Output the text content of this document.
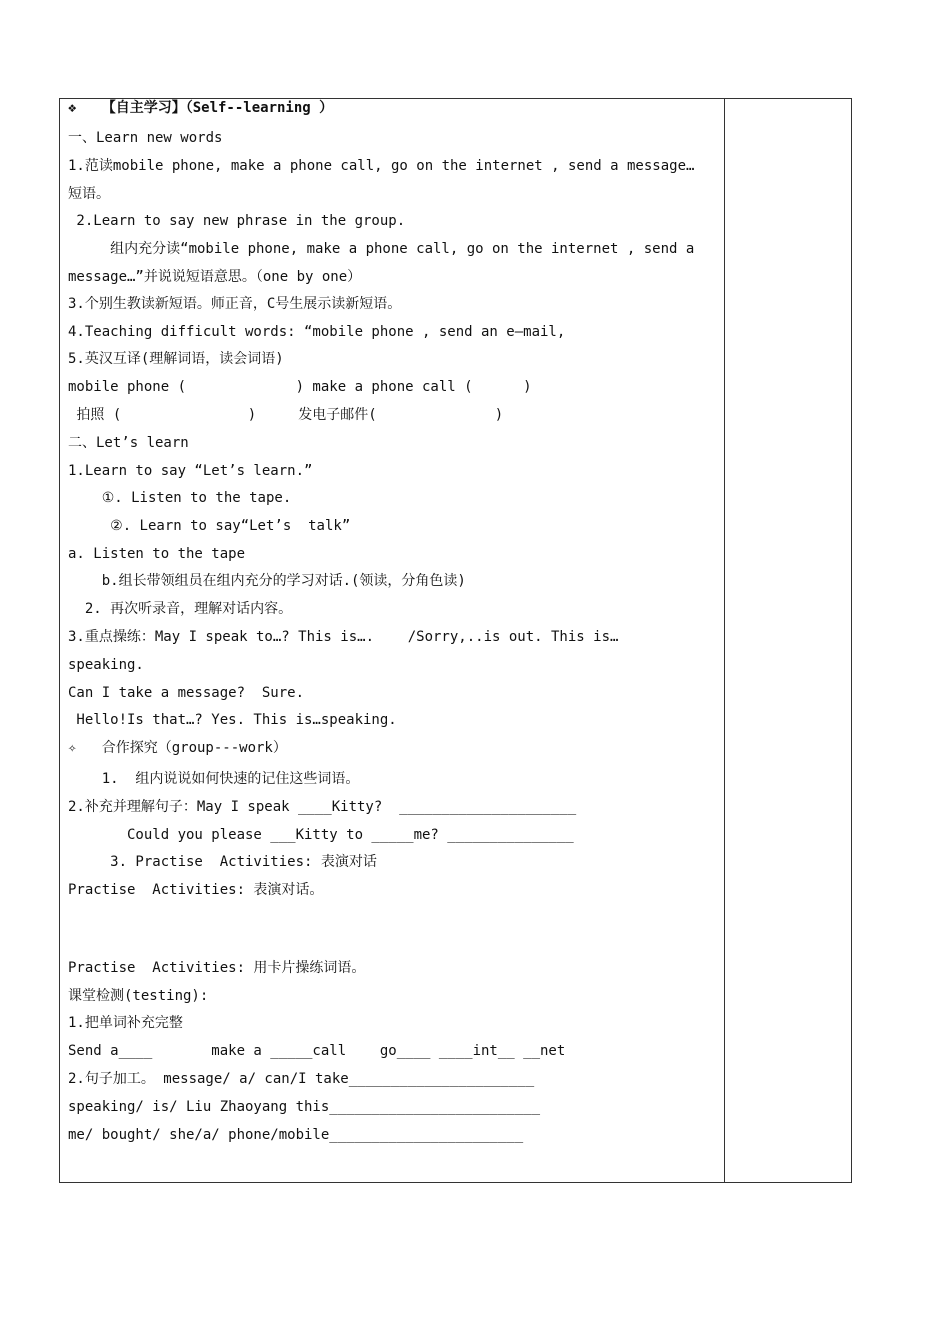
❖   【自主学习】（Self--learning ）
一、Learn new words
1.范读mobile phone, make a phone call, go on the internet , send a message…
短语。
2.Learn to say new phrase in the group.
组内充分读“mobile phone, make a phone call, go on the internet , send a
message…”并说说短语意思。（one by one）
3.个别生教读新短语。师正音，C号生展示读新短语。
4.Teaching difficult words: “mobile phone , send an e—mail,
5.英汉互译(理解词语，读会词语)
mobile phone (             ) make a phone call (      )
拍照 (               )     发电子邮件(              )
二、Let’s learn
1.Learn to say “Let’s learn.”
①. Listen to the tape.
②. Learn to say“Let’s  talk”
a. Listen to the tape
b.组长带领组员在组内充分的学习对话.(领读，分角色读)
2. 再次听录音，理解对话内容。
3.重点操练：May I speak to…? This is….    /Sorry,..is out. This is…
speaking.
Can I take a message?  Sure.
Hello!Is that…? Yes. This is…speaking.
✧   合作探究（group---work）
1.  组内说说如何快速的记住这些词语。
2.补充并理解句子：May I speak ____Kitty?  _____________________
Could you please ___Kitty to _____me? _______________
3. Practise  Activities: 表演对话
Practise  Activities: 表演对话。
Practise  Activities: 用卡片操练词语。
课堂检测(testing):
1.把单词补充完整
Send a____       make a _____call    go____ ____int__ __net
2.句子加工。 message/ a/ can/I take______________________
speaking/ is/ Liu Zhaoyang this_________________________
me/ bought/ she/a/ phone/mobile_______________________
